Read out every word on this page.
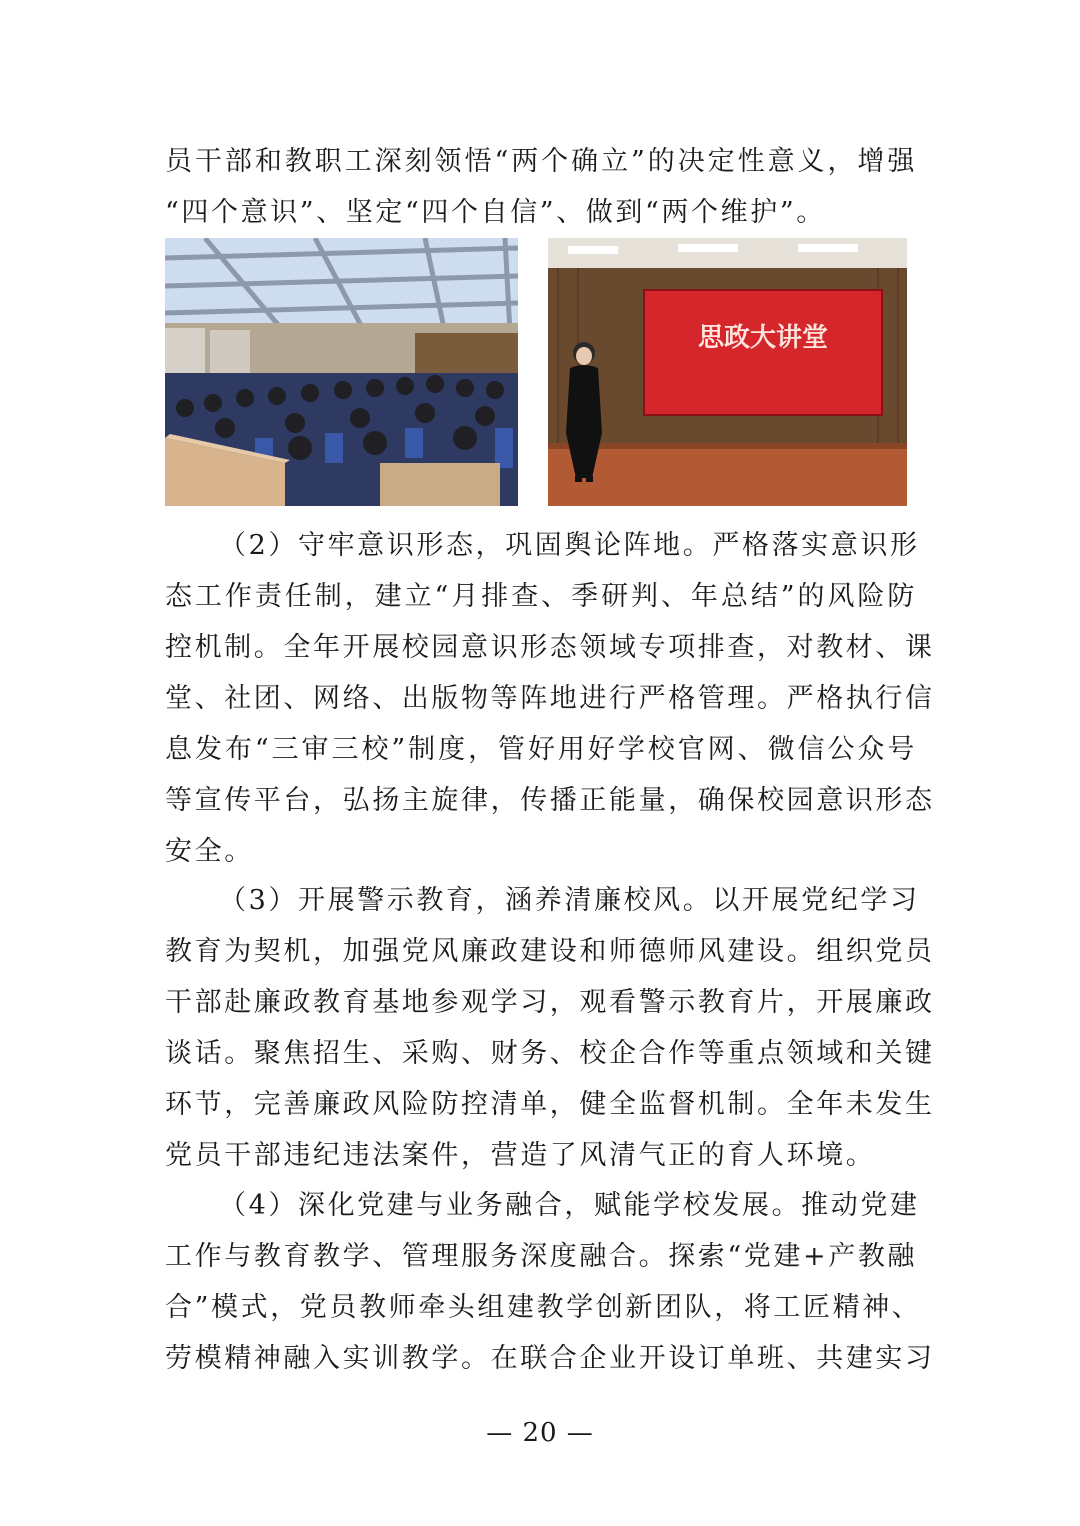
员干部和教职工深刻领悟“两个确立”的决定性意义，增强
“四个意识”、坚定“四个自信”、做到“两个维护”。
思政大讲堂
（2）守牢意识形态，巩固舆论阵地。严格落实意识形
态工作责任制，建立“月排查、季研判、年总结”的风险防
控机制。全年开展校园意识形态领域专项排查，对教材、课
堂、社团、网络、出版物等阵地进行严格管理。严格执行信
息发布“三审三校”制度，管好用好学校官网、微信公众号
等宣传平台，弘扬主旋律，传播正能量，确保校园意识形态
安全。
（3）开展警示教育，涵养清廉校风。以开展党纪学习
教育为契机，加强党风廉政建设和师德师风建设。组织党员
干部赴廉政教育基地参观学习，观看警示教育片，开展廉政
谈话。聚焦招生、采购、财务、校企合作等重点领域和关键
环节，完善廉政风险防控清单，健全监督机制。全年未发生
党员干部违纪违法案件，营造了风清气正的育人环境。
（4）深化党建与业务融合，赋能学校发展。推动党建
工作与教育教学、管理服务深度融合。探索“党建+产教融
合”模式，党员教师牵头组建教学创新团队，将工匠精神、
劳模精神融入实训教学。在联合企业开设订单班、共建实习
— 20 —
